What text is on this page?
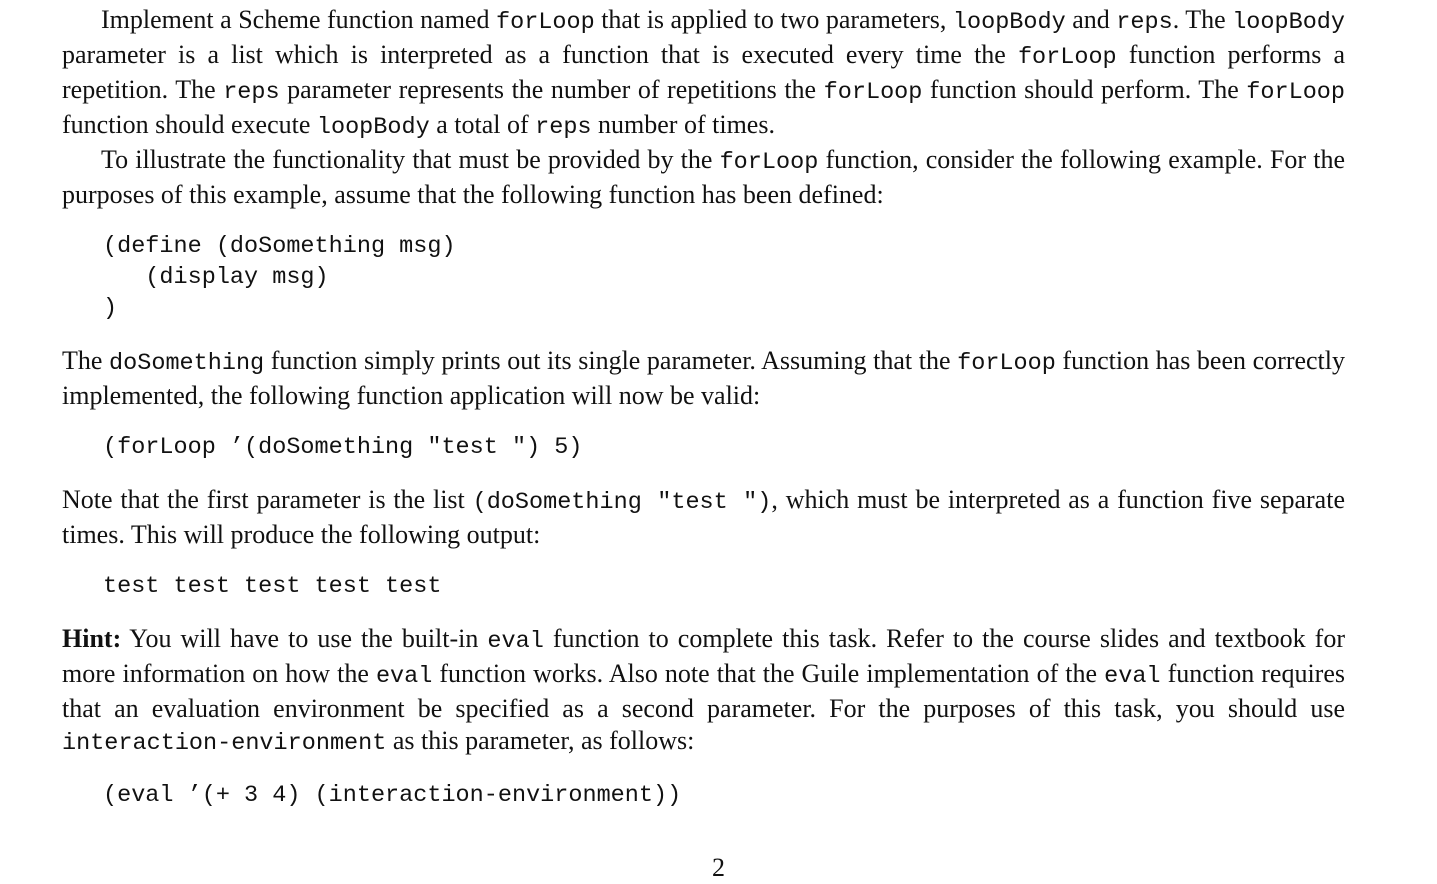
Implement a Scheme function named forLoop that is applied to two parameters, loopBody and reps. The loopBody parameter is a list which is interpreted as a function that is executed every time the forLoop function performs a repetition. The reps parameter represents the number of repetitions the forLoop function should perform. The forLoop function should execute loopBody a total of reps number of times.

To illustrate the functionality that must be provided by the forLoop function, consider the following example. For the purposes of this example, assume that the following function has been defined:

(define (doSomething msg)
(display msg)
)

The doSomething function simply prints out its single parameter. Assuming that the forLoop function has been correctly implemented, the following function application will now be valid:

(forLoop ’(doSomething "test ") 5)

Note that the first parameter is the list (doSomething "test "), which must be interpreted as a function five separate times. This will produce the following output:

test test test test test

Hint: You will have to use the built-in eval function to complete this task. Refer to the course slides and textbook for more information on how the eval function works. Also note that the Guile implementation of the eval function requires that an evaluation environment be specified as a second parameter. For the purposes of this task, you should use interaction-environment as this parameter, as follows:

(eval ’(+ 3 4) (interaction-environment))
2
